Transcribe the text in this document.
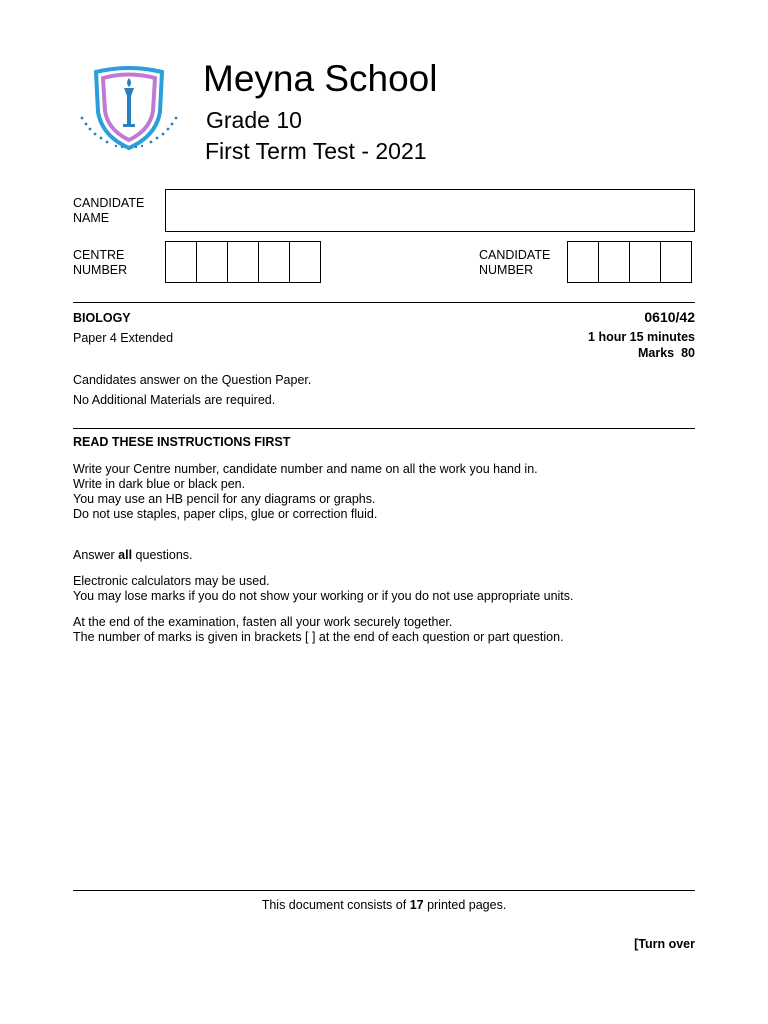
Meyna School
Grade 10
First Term Test - 2021
CANDIDATE
NAME
CENTRE
NUMBER
CANDIDATE
NUMBER
BIOLOGY	0610/42
Paper 4 Extended	1 hour 15 minutes
Marks 80
Candidates answer on the Question Paper.
No Additional Materials are required.
READ THESE INSTRUCTIONS FIRST

Write your Centre number, candidate number and name on all the work you hand in.

Write in dark blue or black pen.

You may use an HB pencil for any diagrams or graphs.

Do not use staples, paper clips, glue or correction fluid.

Answer all questions.

Electronic calculators may be used.

You may lose marks if you do not show your working or if you do not use appropriate units.

At the end of the examination, fasten all your work securely together.

The number of marks is given in brackets [ ] at the end of each question or part question.

This document consists of 17 printed pages.
[Turn over
